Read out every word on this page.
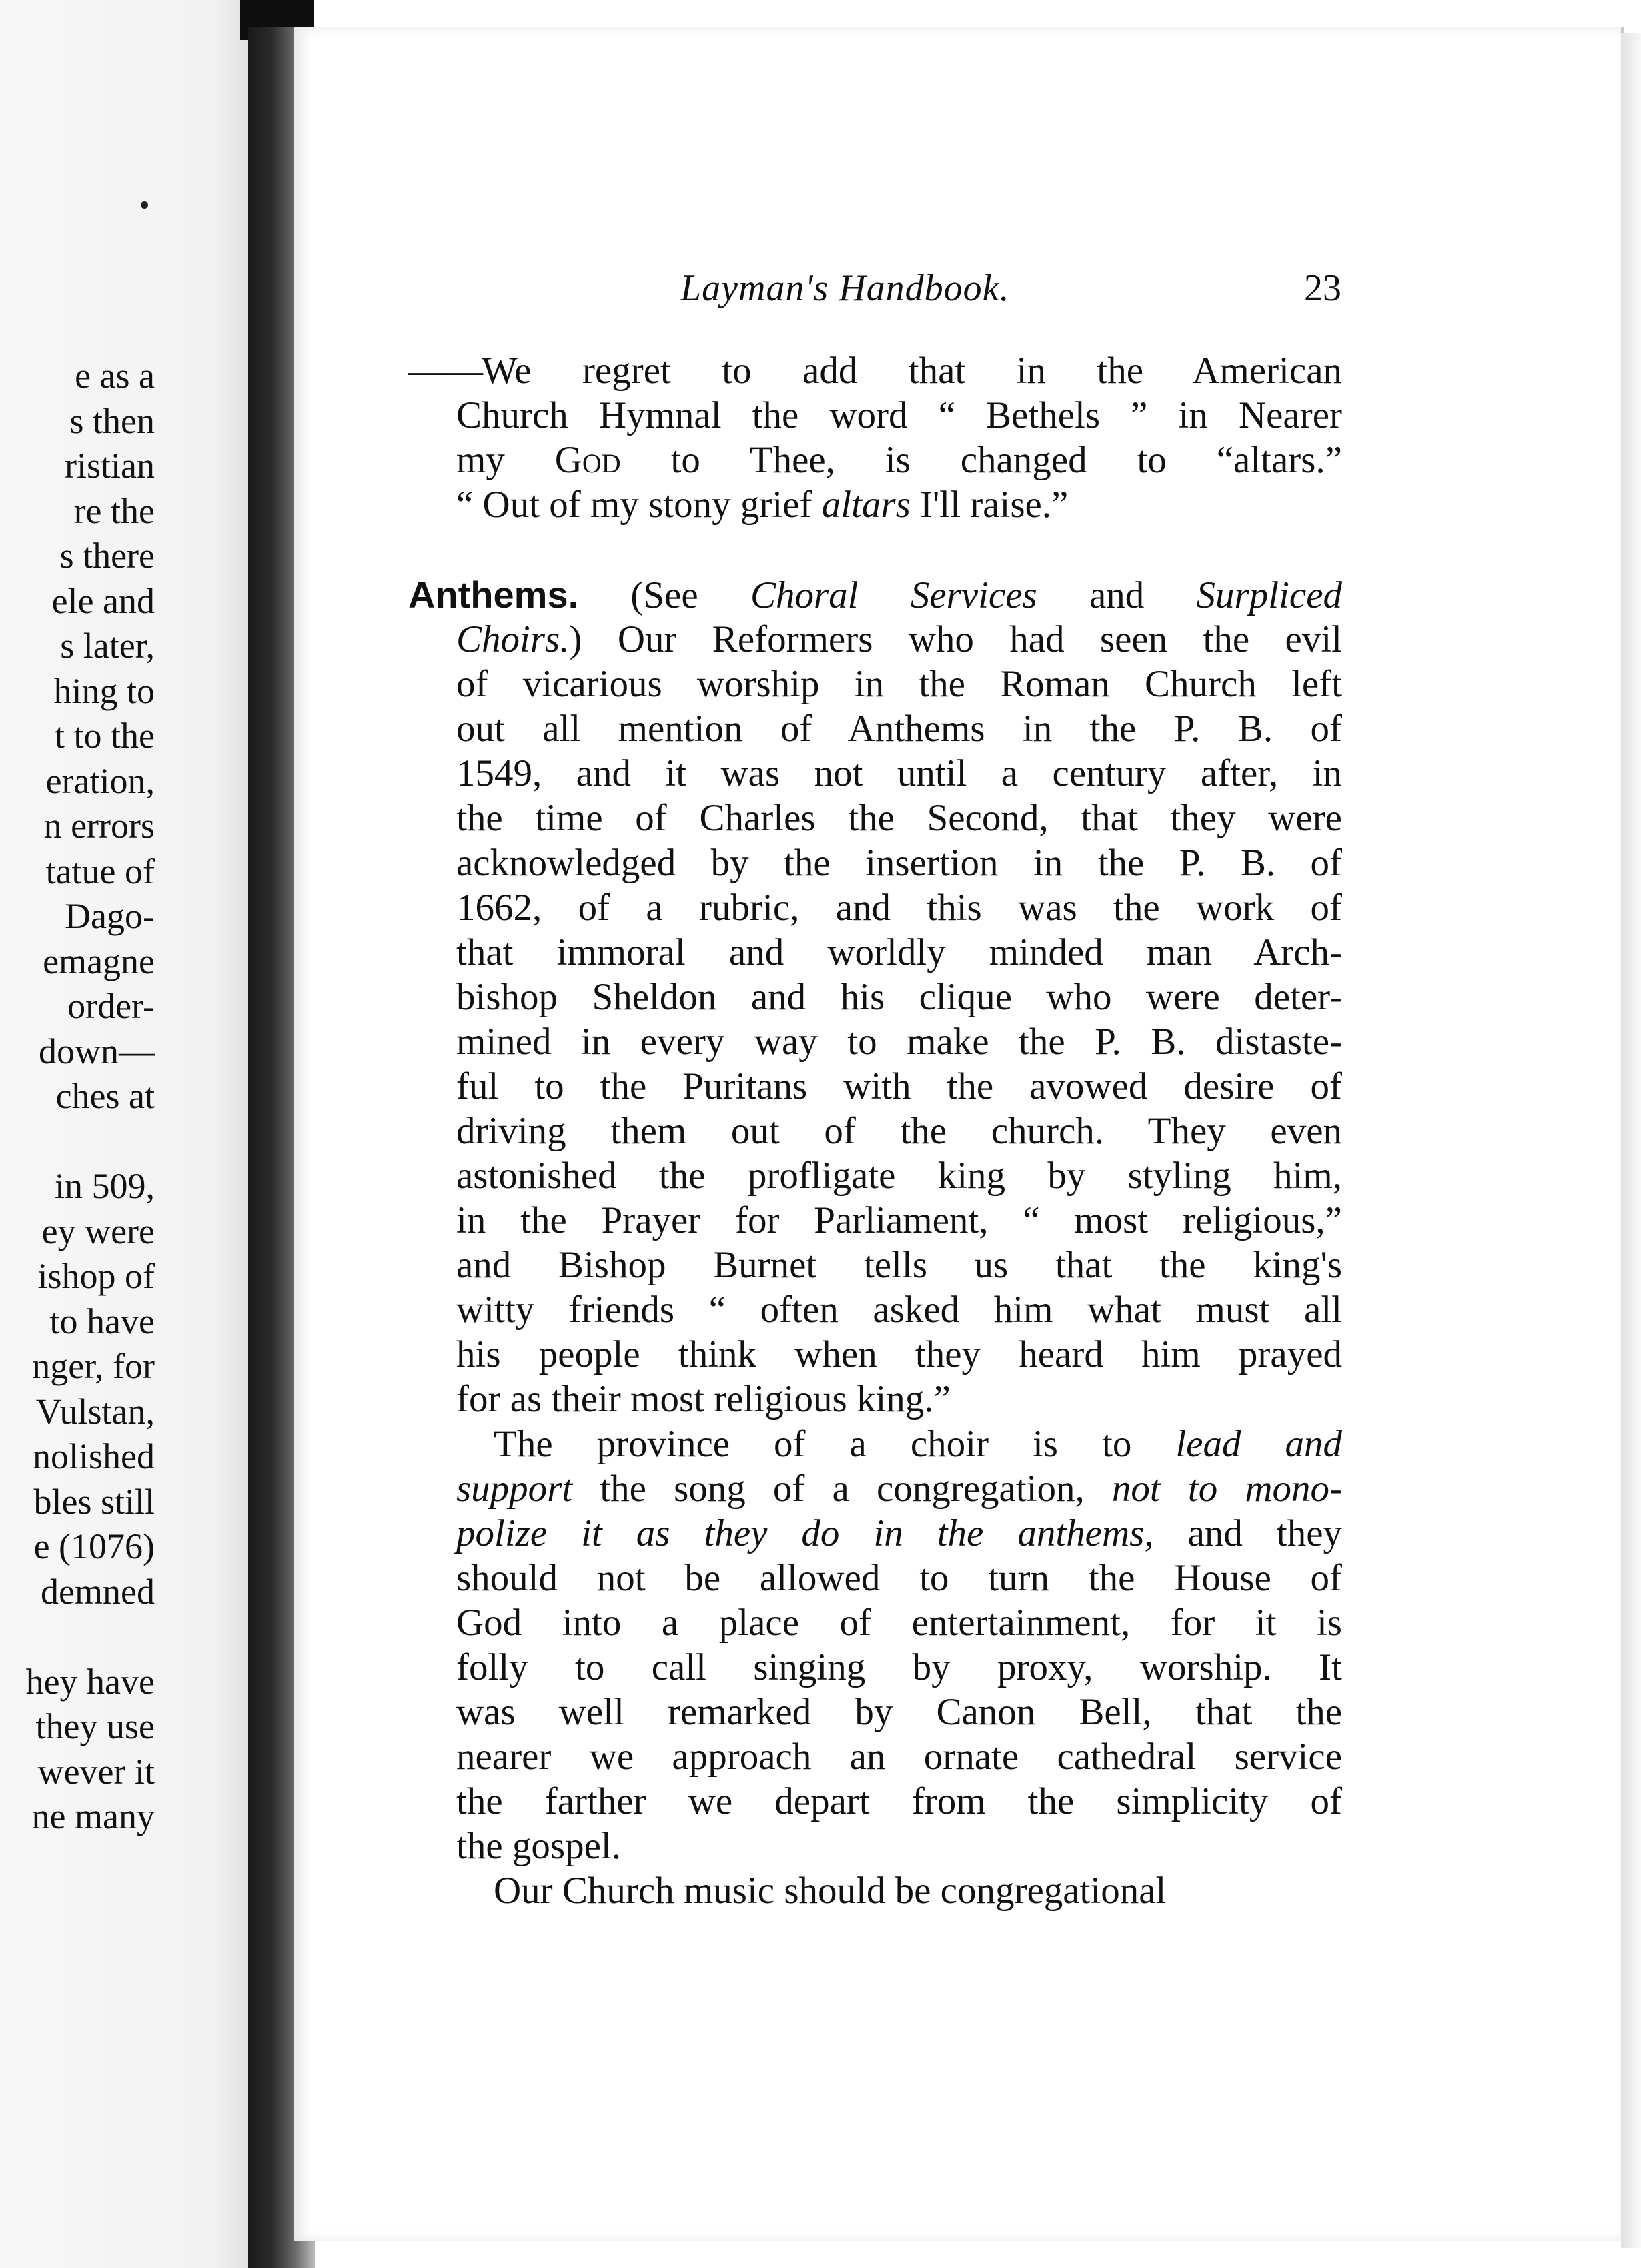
e as a
s then
ristian
re the
s there
ele and
s later,
hing to
t to the
eration,
n errors
tatue of
Dago-
emagne
order-
down—
ches at
in 509,
ey were
ishop of
to have
nger, for
Vulstan,
nolished
bles still
e (1076)
demned
hey have
they use
wever it
ne many
Layman's Handbook.	23
——We regret to add that in the American
Church Hymnal the word “ Bethels ” in Nearer
my God to Thee, is changed to “altars.”
“ Out of my stony grief altars I'll raise.”
Anthems. (See Choral Services and Surpliced
Choirs.) Our Reformers who had seen the evil
of vicarious worship in the Roman Church left
out all mention of Anthems in the P. B. of
1549, and it was not until a century after, in
the time of Charles the Second, that they were
acknowledged by the insertion in the P. B. of
1662, of a rubric, and this was the work of
that immoral and worldly minded man Arch-
bishop Sheldon and his clique who were deter-
mined in every way to make the P. B. distaste-
ful to the Puritans with the avowed desire of
driving them out of the church. They even
astonished the profligate king by styling him,
in the Prayer for Parliament, “ most religious,”
and Bishop Burnet tells us that the king's
witty friends “ often asked him what must all
his people think when they heard him prayed
for as their most religious king.”
The province of a choir is to lead and
support the song of a congregation, not to mono-
polize it as they do in the anthems, and they
should not be allowed to turn the House of
God into a place of entertainment, for it is
folly to call singing by proxy, worship. It
was well remarked by Canon Bell, that the
nearer we approach an ornate cathedral service
the farther we depart from the simplicity of
the gospel.
Our Church music should be congregational
